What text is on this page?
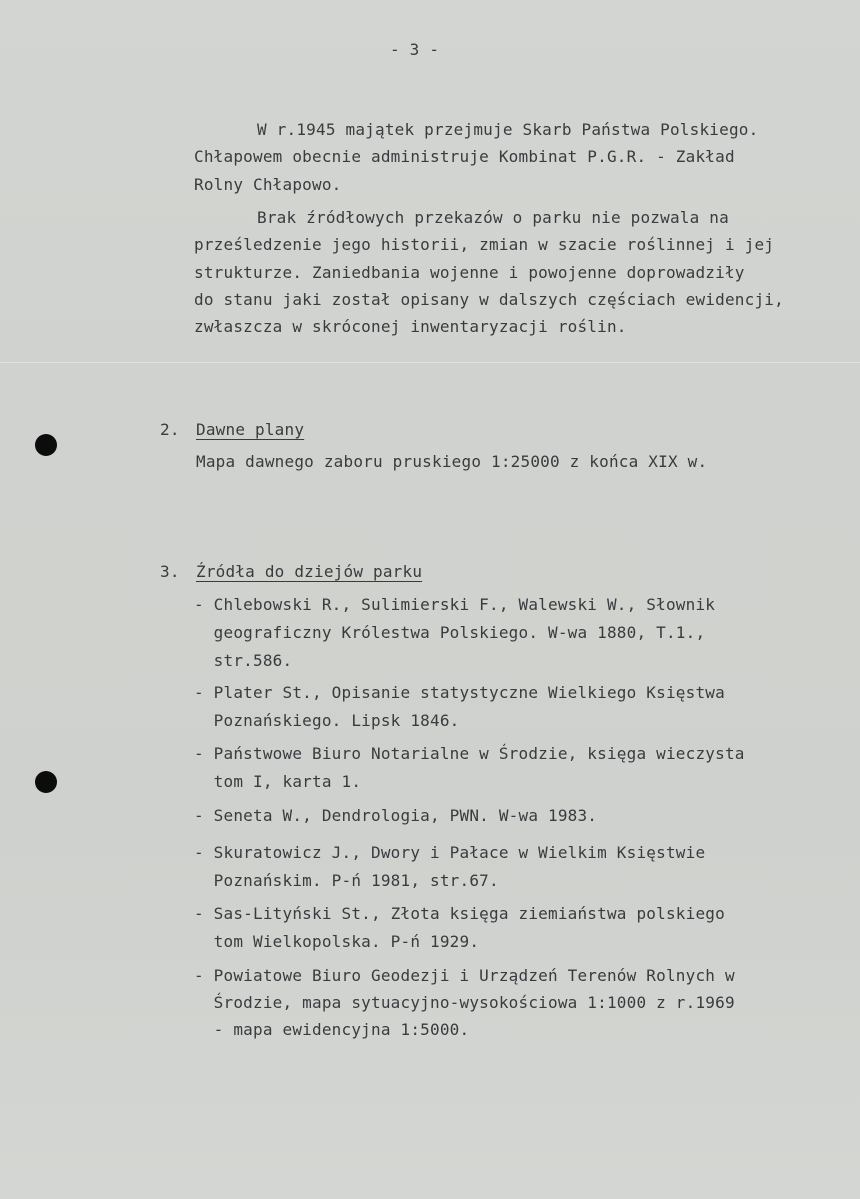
- 3 -
W r.1945 majątek przejmuje Skarb Państwa Polskiego.
Chłapowem obecnie administruje Kombinat P.G.R. - Zakład
Rolny Chłapowo.
Brak źródłowych przekazów o parku nie pozwala na
prześledzenie jego historii, zmian w szacie roślinnej i jej
strukturze. Zaniedbania wojenne i powojenne doprowadziły
do stanu jaki został opisany w dalszych częściach ewidencji,
zwłaszcza w skróconej inwentaryzacji roślin.
2. Dawne plany
Mapa dawnego zaboru pruskiego 1:25000 z końca XIX w.
3. Źródła do dziejów parku
- Chlebowski R., Sulimierski F., Walewski W., Słownik
geograficzny Królestwa Polskiego. W-wa 1880, T.1.,
str.586.
- Plater St., Opisanie statystyczne Wielkiego Księstwa
Poznańskiego. Lipsk 1846.
- Państwowe Biuro Notarialne w Środzie, księga wieczysta
tom I, karta 1.
- Seneta W., Dendrologia, PWN. W-wa 1983.
- Skuratowicz J., Dwory i Pałace w Wielkim Księstwie
Poznańskim. P-ń 1981, str.67.
- Sas-Lityński St., Złota księga ziemiaństwa polskiego
tom Wielkopolska. P-ń 1929.
- Powiatowe Biuro Geodezji i Urządzeń Terenów Rolnych w
Środzie, mapa sytuacyjno-wysokościowa 1:1000 z r.1969
- mapa ewidencyjna 1:5000.
